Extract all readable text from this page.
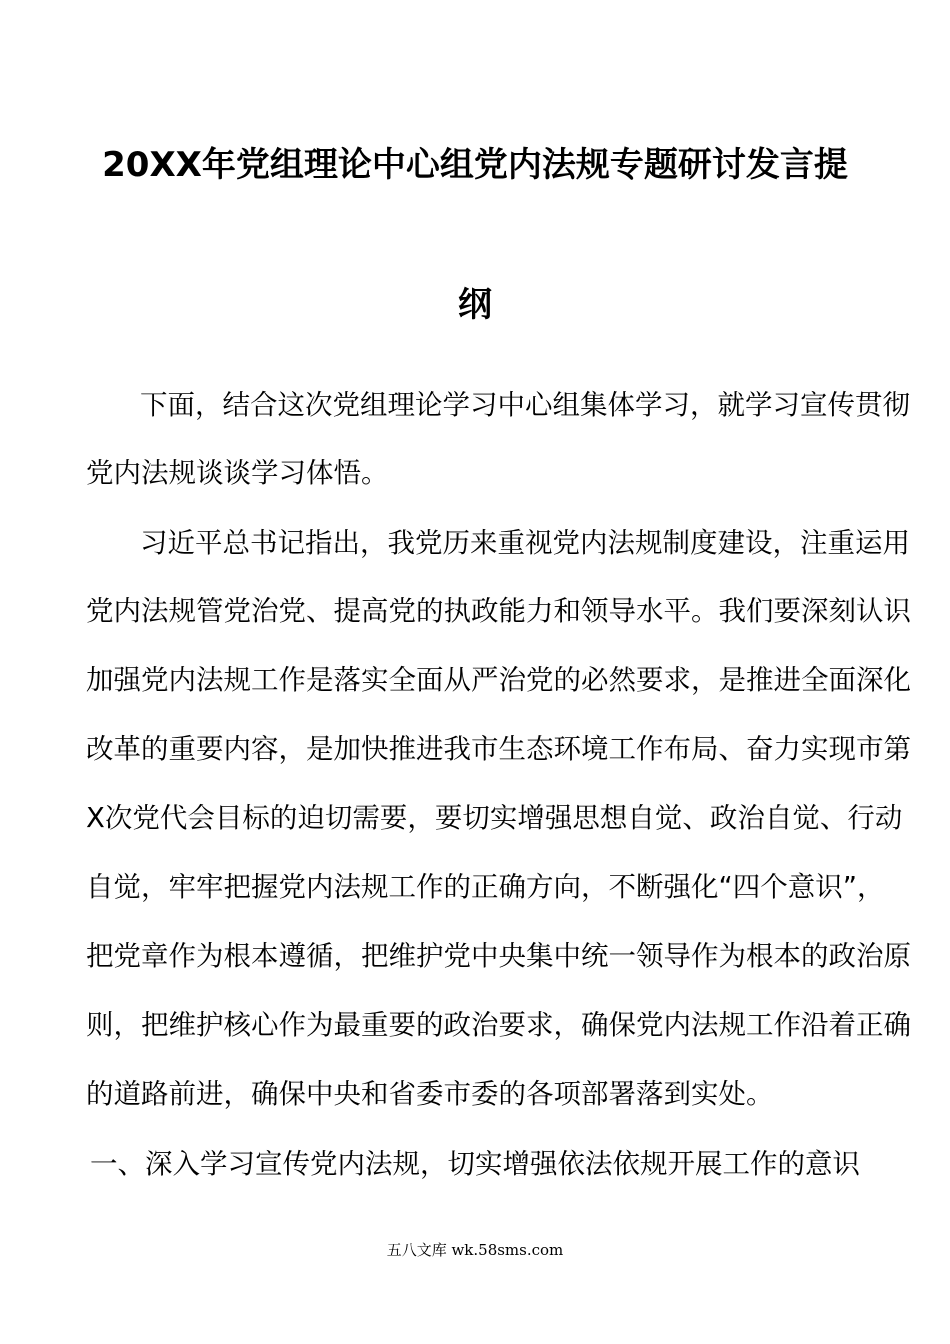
20XX年党组理论中心组党内法规专题研讨发言提
纲
下面，结合这次党组理论学习中心组集体学习，就学习宣传贯彻
党内法规谈谈学习体悟。
习近平总书记指出，我党历来重视党内法规制度建设，注重运用
党内法规管党治党、提高党的执政能力和领导水平。我们要深刻认识
加强党内法规工作是落实全面从严治党的必然要求，是推进全面深化
改革的重要内容，是加快推进我市生态环境工作布局、奋力实现市第
X次党代会目标的迫切需要，要切实增强思想自觉、政治自觉、行动
自觉，牢牢把握党内法规工作的正确方向，不断强化“四个意识”，
把党章作为根本遵循，把维护党中央集中统一领导作为根本的政治原
则，把维护核心作为最重要的政治要求，确保党内法规工作沿着正确
的道路前进，确保中央和省委市委的各项部署落到实处。
一、深入学习宣传党内法规，切实增强依法依规开展工作的意识
五八文库 wk.58sms.com
